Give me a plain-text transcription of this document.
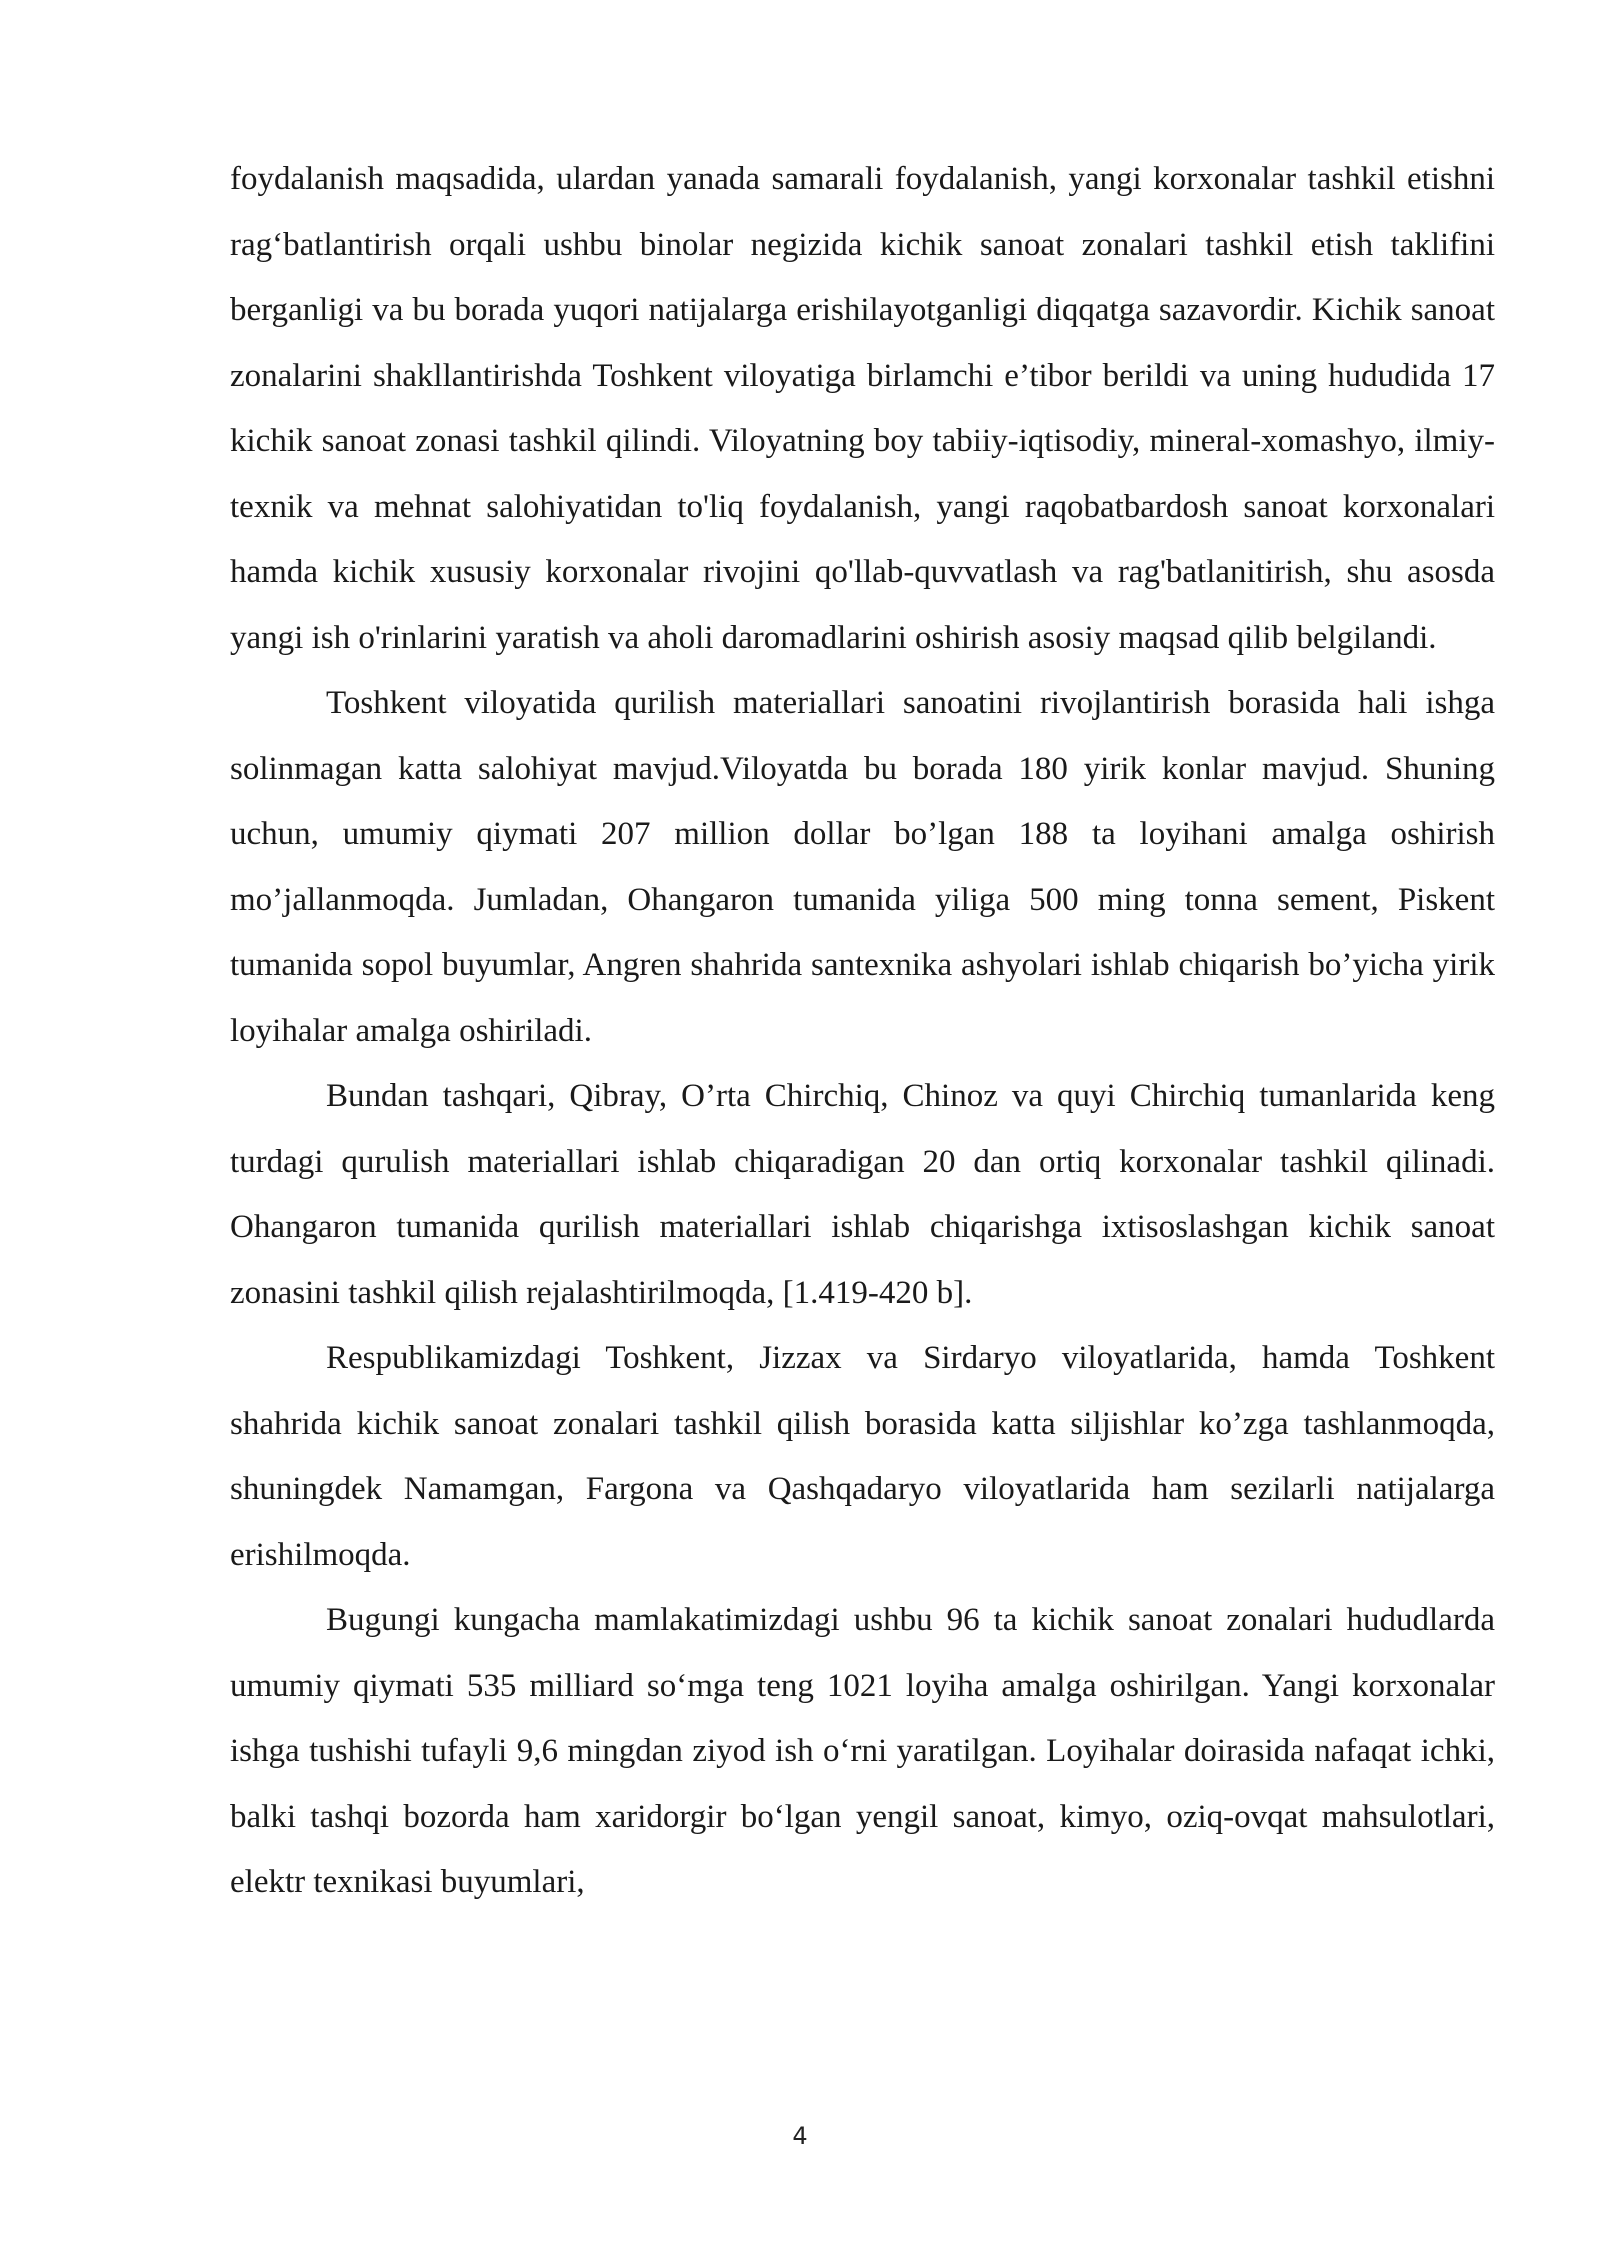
foydalanish maqsadida, ulardan yanada samarali foydalanish, yangi korxonalar tashkil etishni rag‘batlantirish orqali ushbu binolar negizida kichik sanoat zonalari tashkil etish taklifini berganligi va bu borada yuqori natijalarga erishilayotganligi diqqatga sazavordir. Kichik sanoat zonalarini shakllantirishda Toshkent viloyatiga birlamchi e’tibor berildi va uning hududida 17 kichik sanoat zonasi tashkil qilindi. Viloyatning boy tabiiy-iqtisodiy, mineral-xomashyo, ilmiy-texnik va mehnat salohiyatidan to'liq foydalanish, yangi raqobatbardosh sanoat korxonalari hamda kichik xususiy korxonalar rivojini qo'llab-quvvatlash va rag'batlanitirish, shu asosda yangi ish o'rinlarini yaratish va aholi daromadlarini oshirish asosiy maqsad qilib belgilandi.

Toshkent viloyatida qurilish materiallari sanoatini rivojlantirish borasida hali ishga solinmagan katta salohiyat mavjud.Viloyatda bu borada 180 yirik konlar mavjud. Shuning uchun, umumiy qiymati 207 million dollar bo’lgan 188 ta loyihani amalga oshirish mo’jallanmoqda. Jumladan, Ohangaron tumanida yiliga 500 ming tonna sement, Piskent tumanida sopol buyumlar, Angren shahrida santexnika ashyolari ishlab chiqarish bo’yicha yirik loyihalar amalga oshiriladi.

Bundan tashqari, Qibray, O’rta Chirchiq, Chinoz va quyi Chirchiq tumanlarida keng turdagi qurulish materiallari ishlab chiqaradigan 20 dan ortiq korxonalar tashkil qilinadi. Ohangaron tumanida qurilish materiallari ishlab chiqarishga ixtisoslashgan kichik sanoat zonasini tashkil qilish rejalashtirilmoqda, [1.419-420 b].

Respublikamizdagi Toshkent, Jizzax va Sirdaryo viloyatlarida, hamda Toshkent shahrida kichik sanoat zonalari tashkil qilish borasida katta siljishlar ko’zga tashlanmoqda, shuningdek Namamgan, Fargona va Qashqadaryo viloyatlarida ham sezilarli natijalarga erishilmoqda.

Bugungi kungacha mamlakatimizdagi ushbu 96 ta kichik sanoat zonalari hududlarda umumiy qiymati 535 milliard so‘mga teng 1021 loyiha amalga oshirilgan. Yangi korxonalar ishga tushishi tufayli 9,6 mingdan ziyod ish o‘rni yaratilgan. Loyihalar doirasida nafaqat ichki, balki tashqi bozorda ham xaridorgir bo‘lgan yengil sanoat, kimyo, oziq-ovqat mahsulotlari, elektr texnikasi buyumlari,

4
